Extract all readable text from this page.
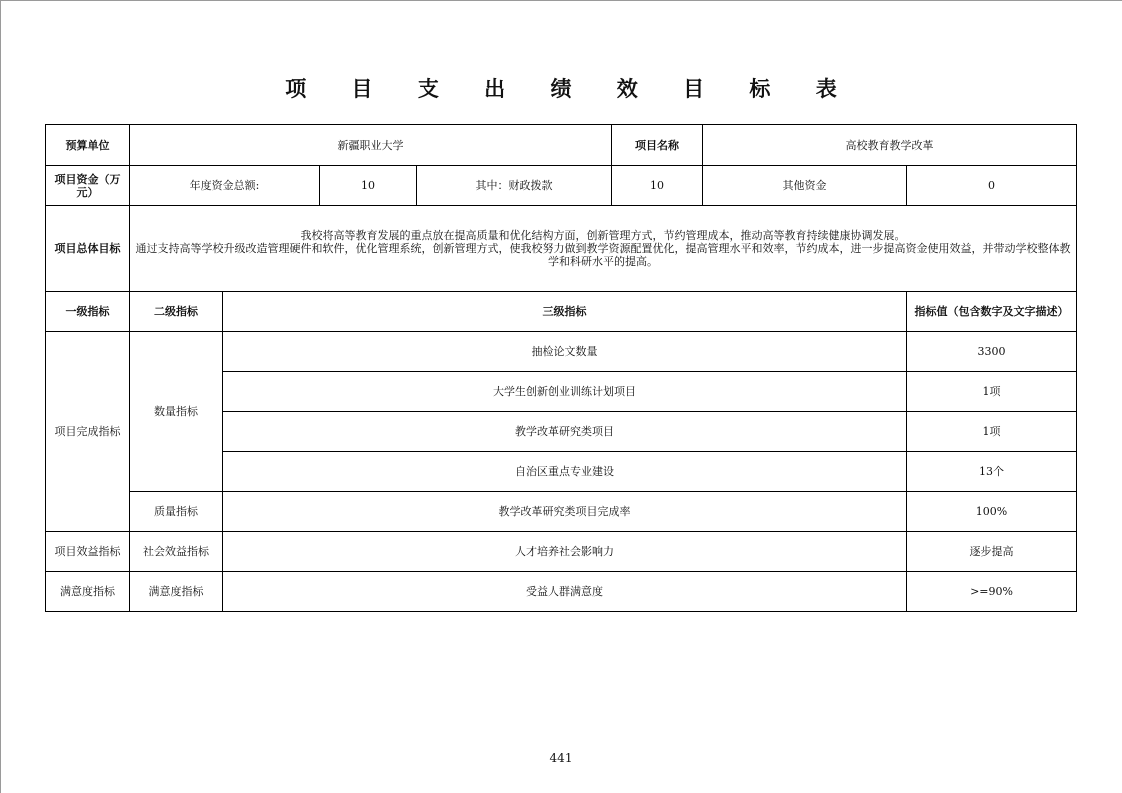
项 目 支 出 绩 效 目 标 表
预算单位	新疆职业大学				项目名称	高校教育教学改革	
项目资金（万元）	年度资金总额:		10	其中：财政拨款	10	其他资金	0
项目总体目标	我校将高等教育发展的重点放在提高质量和优化结构方面，创新管理方式，节约管理成本，推动高等教育持续健康协调发展。
通过支持高等学校升级改造管理硬件和软件，优化管理系统，创新管理方式，使我校努力做到教学资源配置优化，提高管理水平和效率，节约成本，进一步提高资金使用效益，并带动学校整体教学和科研水平的提高。						

一级指标	二级指标	三级指标					指标值（包含数字及文字描述）
项目完成指标	数量指标	抽检论文数量					3300
		大学生创新创业训练计划项目					1项
		教学改革研究类项目					1项
		自治区重点专业建设					13个
	质量指标	教学改革研究类项目完成率					100%
项目效益指标	社会效益指标	人才培养社会影响力					逐步提高
满意度指标	满意度指标	受益人群满意度					>=90%
441
